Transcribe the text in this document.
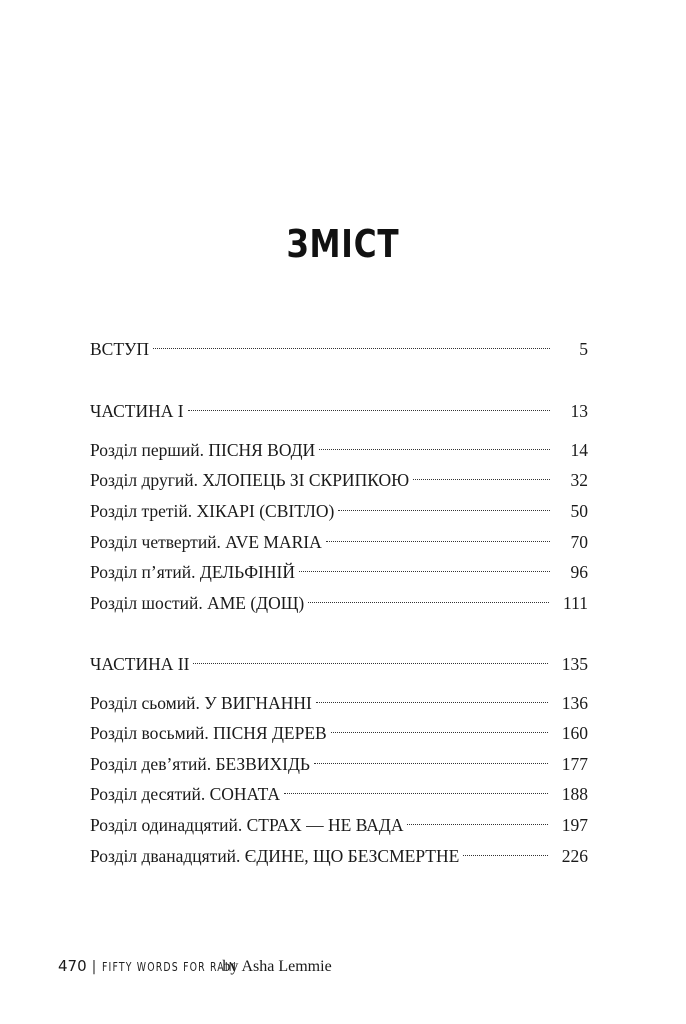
ЗМІСТ
ВСТУП	5
ЧАСТИНА I	13
Розділ перший. ПІСНЯ ВОДИ	14
Розділ другий. ХЛОПЕЦЬ ЗІ СКРИПКОЮ	32
Розділ третій. ХІКАРІ (СВІТЛО)	50
Розділ четвертий. AVE MARIA	70
Розділ п’ятий. ДЕЛЬФІНІЙ	96
Розділ шостий. АМЕ (ДОЩ)	111
ЧАСТИНА II	135
Розділ сьомий. У ВИГНАННІ	136
Розділ восьмий. ПІСНЯ ДЕРЕВ	160
Розділ дев’ятий. БЕЗВИХІДЬ	177
Розділ десятий. СОНАТА	188
Розділ одинадцятий. СТРАХ — НЕ ВАДА	197
Розділ дванадцятий. ЄДИНЕ, ЩО БЕЗСМЕРТНЕ	226
470 | FIFTY WORDS FOR RAIN
by Asha Lemmie
